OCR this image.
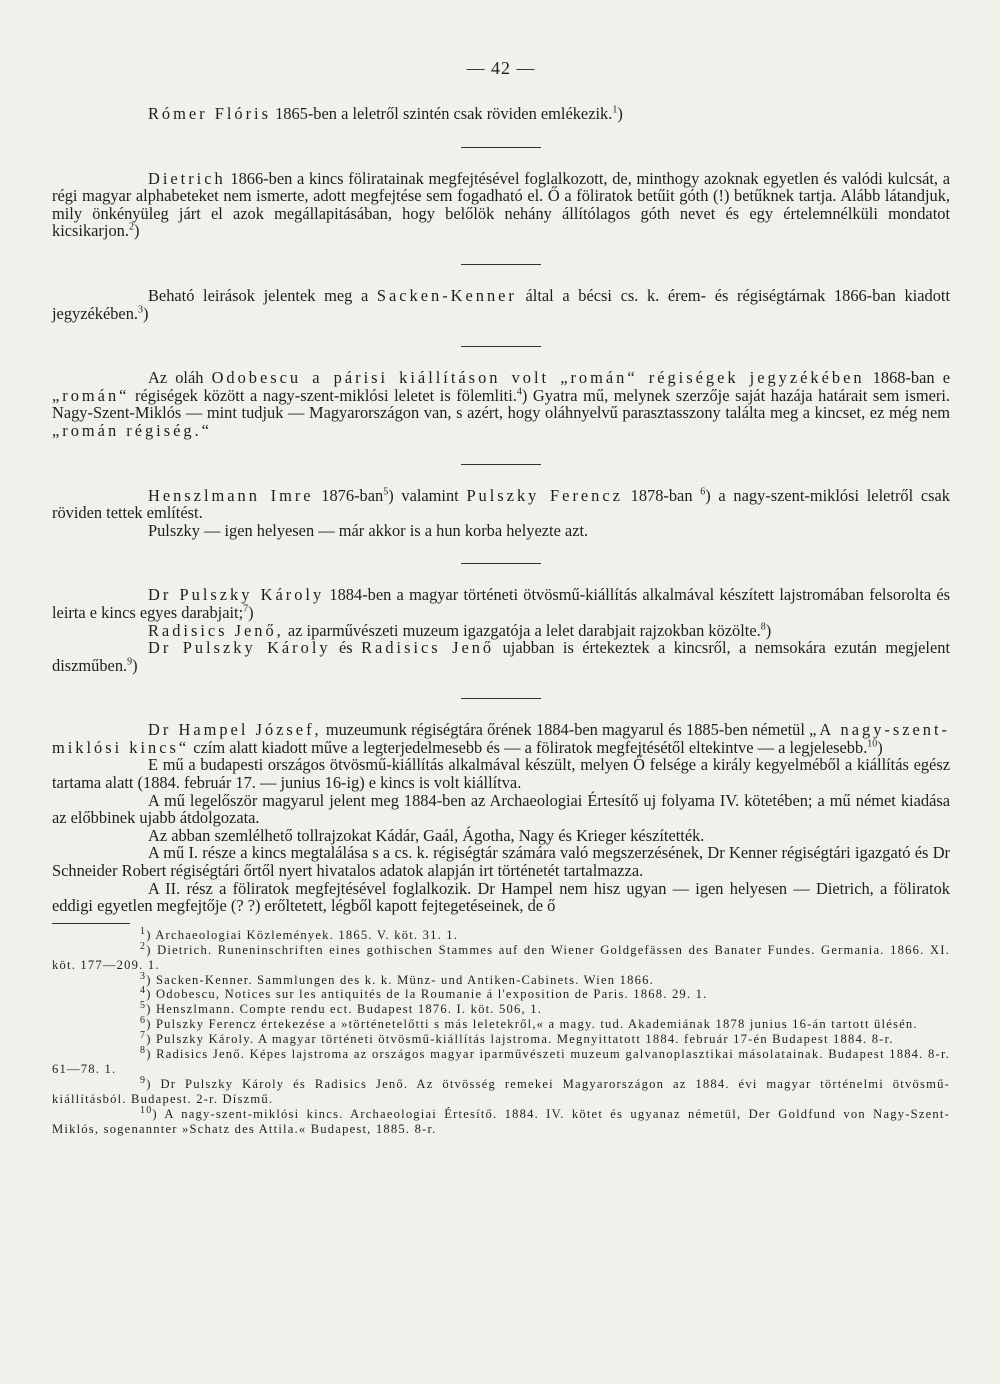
— 42 —

Rómer Flóris 1865-ben a leletről szintén csak röviden emlékezik.$^1$)

Dietrich 1866-ben a kincs föliratainak megfejtésével foglalkozott, de, minthogy azoknak egyetlen és valódi kulcsát, a régi magyar alphabeteket nem ismerte, adott megfejtése sem fogadható el. Ő a föliratok betűit góth (!) betűknek tartja. Alább látandjuk, mily önkényüleg járt el azok megállapitásában, hogy belőlök nehány állítólagos góth nevet és egy értelemnélküli mondatot kicsikarjon.$^2$)

Beható leirások jelentek meg a Sacken-Kenner által a bécsi cs. k. érem- és régiségtárnak 1866-ban kiadott jegyzékében.$^3$)

Az oláh Odobescu a párisi kiállításon volt „román“ régiségek jegyzékében 1868-ban e „román“ régiségek között a nagy-szent-miklósi leletet is fölemliti.$^4$) Gyatra mű, melynek szerzője saját hazája határait sem ismeri. Nagy-Szent-Miklós — mint tudjuk — Magyarországon van, s azért, hogy oláhnyelvű parasztasszony találta meg a kincset, ez még nem „román régiség.“

Henszlmann Imre 1876-ban$^5$) valamint Pulszky Ferencz 1878-ban $^6$) a nagy-szent-miklósi leletről csak röviden tettek említést.

Pulszky — igen helyesen — már akkor is a hun korba helyezte azt.

Dr Pulszky Károly 1884-ben a magyar történeti ötvösmű-kiállítás alkalmával készített lajstromában felsorolta és leirta e kincs egyes darabjait;$^7$)

Radisics Jenő, az iparművészeti muzeum igazgatója a lelet darabjait rajzokban közölte.$^8$)

Dr Pulszky Károly és Radisics Jenő ujabban is értekeztek a kincsről, a nemsokára ezután megjelent diszműben.$^9$)

Dr Hampel József, muzeumunk régiségtára őrének 1884-ben magyarul és 1885-ben németül „A nagy-szent-miklósi kincs“ czím alatt kiadott műve a legterjedelmesebb és — a föliratok megfejtésétől eltekintve — a legjelesebb.$^{10}$)

E mű a budapesti országos ötvösmű-kiállítás alkalmával készült, melyen Ő felsége a király kegyelméből a kiállítás egész tartama alatt (1884. február 17. — junius 16-ig) e kincs is volt kiállítva.

A mű legelőször magyarul jelent meg 1884-ben az Archaeologiai Értesítő uj folyama IV. kötetében; a mű német kiadása az előbbinek ujabb átdolgozata.

Az abban szemlélhető tollrajzokat Kádár, Gaál, Ágotha, Nagy és Krieger készítették.

A mű I. része a kincs megtalálása s a cs. k. régiségtár számára való megszerzésének, Dr Kenner régiségtári igazgató és Dr Schneider Robert régiségtári őrtől nyert hivatalos adatok alapján irt történetét tartalmazza.

A II. rész a föliratok megfejtésével foglalkozik. Dr Hampel nem hisz ugyan — igen helyesen — Dietrich, a föliratok eddigi egyetlen megfejtője (? ?) erőltetett, légből kapott fejtegetéseinek, de ő

$^1$) Archaeologiai Közlemények. 1865. V. köt. 31. 1.

$^2$) Dietrich. Runeninschriften eines gothischen Stammes auf den Wiener Goldgefässen des Banater Fundes. Germania. 1866. XI. köt. 177—209. 1.

$^3$) Sacken-Kenner. Sammlungen des k. k. Münz- und Antiken-Cabinets. Wien 1866.

$^4$) Odobescu, Notices sur les antiquités de la Roumanie á l'exposition de Paris. 1868. 29. 1.

$^5$) Henszlmann. Compte rendu ect. Budapest 1876. I. köt. 506, 1.

$^6$) Pulszky Ferencz értekezése a »történetelőtti s más leletekről,« a magy. tud. Akademiának 1878 junius 16-án tartott ülésén.

$^7$) Pulszky Károly. A magyar történeti ötvösmű-kiállítás lajstroma. Megnyittatott 1884. február 17-én Budapest 1884. 8-r.

$^8$) Radisics Jenő. Képes lajstroma az országos magyar iparművészeti muzeum galvanoplasztikai másolatainak. Budapest 1884. 8-r. 61—78. 1.

$^9$) Dr Pulszky Károly és Radisics Jenő. Az ötvösség remekei Magyarországon az 1884. évi magyar történelmi ötvösmű-kiállításból. Budapest. 2-r. Díszmű.

$^{10}$) A nagy-szent-miklósi kincs. Archaeologiai Értesítő. 1884. IV. kötet és ugyanaz németül, Der Goldfund von Nagy-Szent-Miklós, sogenannter »Schatz des Attila.« Budapest, 1885. 8-r.
